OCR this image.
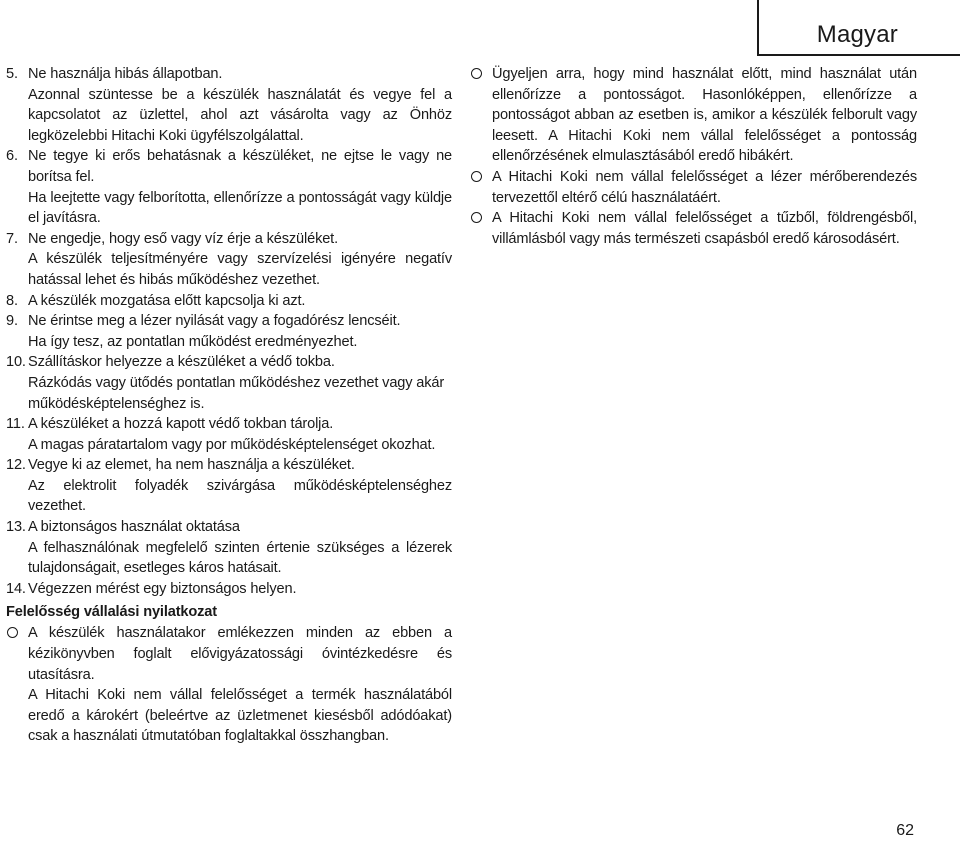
Magyar
5. Ne használja hibás állapotban.
Azonnal szüntesse be a készülék használatát és vegye fel a kapcsolatot az üzlettel, ahol azt vásárolta vagy az Önhöz legközelebbi Hitachi Koki ügyfélszolgálattal.
6. Ne tegye ki erős behatásnak a készüléket, ne ejtse le vagy ne borítsa fel.
Ha leejtette vagy felborította, ellenőrízze a pontosságát vagy küldje el javításra.
7. Ne engedje, hogy eső vagy víz érje a készüléket.
A készülék teljesítményére vagy szervízelési igényére negatív hatással lehet és hibás működéshez vezethet.
8. A készülék mozgatása előtt kapcsolja ki azt.
9. Ne érintse meg a lézer nyilását vagy a fogadórész lencséit.
Ha így tesz, az pontatlan működést eredményezhet.
10. Szállításkor helyezze a készüléket a védő tokba.
Rázkódás vagy ütődés pontatlan működéshez vezethet vagy akár működésképtelenséghez is.
11. A készüléket a hozzá kapott védő tokban tárolja.
A magas páratartalom vagy por működésképtelenséget okozhat.
12. Vegye ki az elemet, ha nem használja a készüléket.
Az elektrolit folyadék szivárgása működésképtelenséghez vezethet.
13. A biztonságos használat oktatása
A felhasználónak megfelelő szinten értenie szükséges a lézerek tulajdonságait, esetleges káros hatásait.
14. Végezzen mérést egy biztonságos helyen.
Felelősség vállalási nyilatkozat
A készülék használatakor emlékezzen minden az ebben a kézikönyvben foglalt elővigyázatossági óvintézkedésre és utasításra.
A Hitachi Koki nem vállal felelősséget a termék használatából eredő a károkért (beleértve az üzletmenet kiesésből adódóakat) csak a használati útmutatóban foglaltakkal összhangban.
Ügyeljen arra, hogy mind használat előtt, mind használat után ellenőrízze a pontosságot. Hasonlóképpen, ellenőrízze a pontosságot abban az esetben is, amikor a készülék felborult vagy leesett. A Hitachi Koki nem vállal felelősséget a pontosság ellenőrzésének elmulasztásából eredő hibákért.
A Hitachi Koki nem vállal felelősséget a lézer mérőberendezés tervezettől eltérő célú használatáért.
A Hitachi Koki nem vállal felelősséget a tűzből, földrengésből, villámlásból vagy más természeti csapásból eredő károsodásért.
62
